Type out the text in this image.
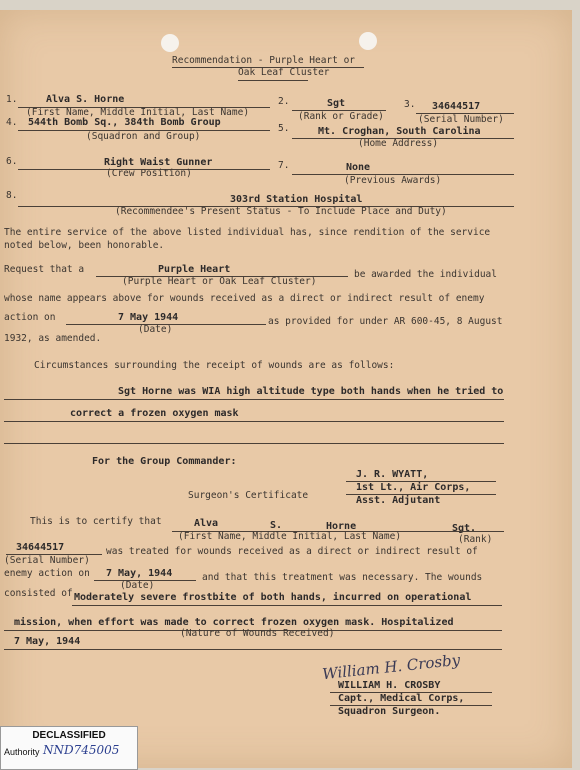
Recommendation - Purple Heart or
Oak Leaf Cluster
1.	Alva S. Horne
(First Name, Middle Initial, Last Name)
2.	Sgt
(Rank or Grade)
3. 34644517
(Serial Number)
4. 544th Bomb Sq., 384th Bomb Group
(Squadron and Group)
5.	Mt. Croghan, South Carolina
(Home Address)
6.	Right Waist Gunner
(Crew Position)
7.	None
(Previous Awards)
8.	303rd Station Hospital
(Recommendee's Present Status - To Include Place and Duty)
The entire service of the above listed individual has, since rendition of the service
noted below, been honorable.
Request that a	Purple Heart	be awarded the individual
(Purple Heart or Oak Leaf Cluster)
whose name appears above for wounds received as a direct or indirect result of enemy
action on	7 May 1944	as provided for under AR 600-45, 8 August
(Date)
1932, as amended.
Circumstances surrounding the receipt of wounds are as follows:
Sgt Horne was WIA high altitude type both hands when he tried to
correct a frozen oxygen mask
For the Group Commander:
J. R. WYATT,
1st Lt., Air Corps,
Asst. Adjutant
Surgeon's Certificate
This is to certify that	Alva	S.	Horne	Sgt.
(First Name, Middle Initial, Last Name)	(Rank)
34644517
(Serial Number)
was treated for wounds received as a direct or indirect result of
enemy action on 7 May, 1944	and that this treatment was necessary. The wounds
(Date)
consisted of Moderately severe frostbite of both hands, incurred on operational
mission, when effort was made to correct frozen oxygen mask. Hospitalized
(Nature of Wounds Received)
7 May, 1944
William H. Crosby
WILLIAM H. CROSBY
Capt., Medical Corps,
Squadron Surgeon.
DECLASSIFIED
Authority NND745005
